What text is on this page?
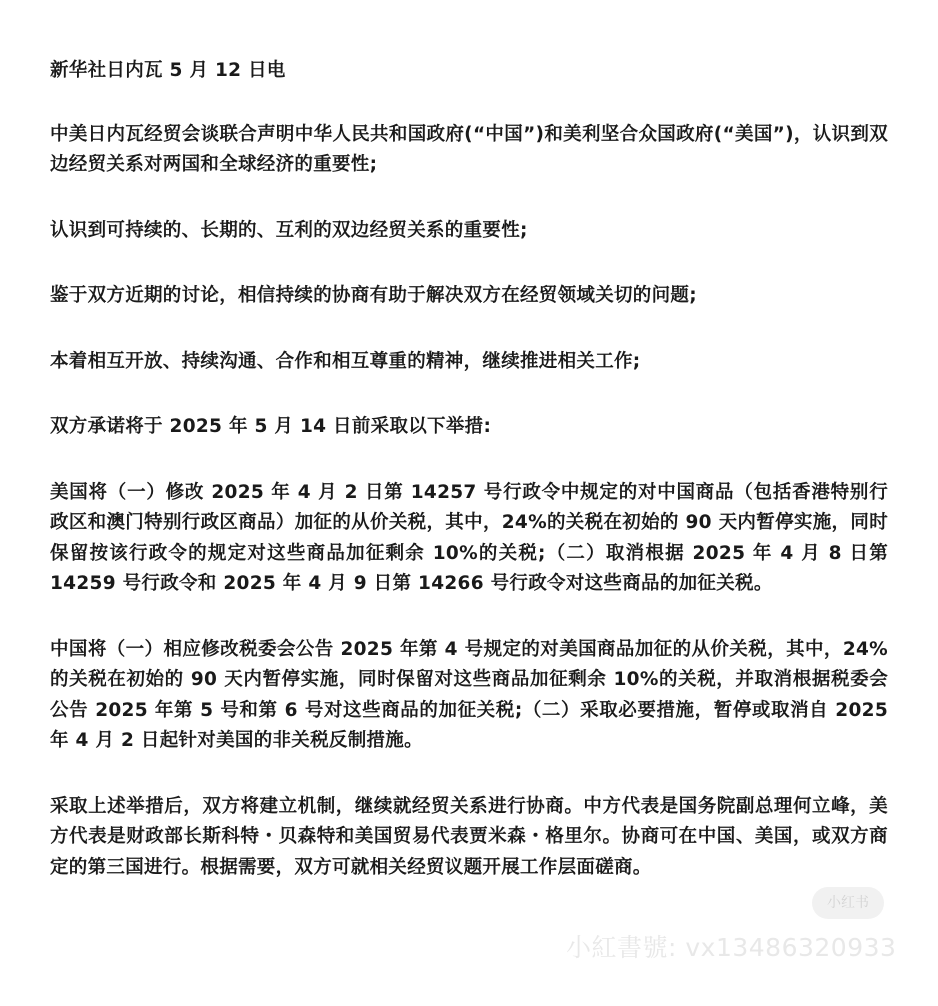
新华社日内瓦 5 月 12 日电

中美日内瓦经贸会谈联合声明中华人民共和国政府(“中国”)和美利坚合众国政府(“美国”)，认识到双边经贸关系对两国和全球经济的重要性;

认识到可持续的、长期的、互利的双边经贸关系的重要性;

鉴于双方近期的讨论，相信持续的协商有助于解决双方在经贸领域关切的问题;

本着相互开放、持续沟通、合作和相互尊重的精神，继续推进相关工作;

双方承诺将于 2025 年 5 月 14 日前采取以下举措:

美国将（一）修改 2025 年 4 月 2 日第 14257 号行政令中规定的对中国商品（包括香港特别行政区和澳门特别行政区商品）加征的从价关税，其中，24%的关税在初始的 90 天内暂停实施，同时保留按该行政令的规定对这些商品加征剩余 10%的关税;（二）取消根据 2025 年 4 月 8 日第 14259 号行政令和 2025 年 4 月 9 日第 14266 号行政令对这些商品的加征关税。

中国将（一）相应修改税委会公告 2025 年第 4 号规定的对美国商品加征的从价关税，其中，24%的关税在初始的 90 天内暂停实施，同时保留对这些商品加征剩余 10%的关税，并取消根据税委会公告 2025 年第 5 号和第 6 号对这些商品的加征关税;（二）采取必要措施，暂停或取消自 2025 年 4 月 2 日起针对美国的非关税反制措施。

采取上述举措后，双方将建立机制，继续就经贸关系进行协商。中方代表是国务院副总理何立峰，美方代表是财政部长斯科特・贝森特和美国贸易代表贾米森・格里尔。协商可在中国、美国，或双方商定的第三国进行。根据需要，双方可就相关经贸议题开展工作层面磋商。

小红书
小紅書號: vx13486320933
